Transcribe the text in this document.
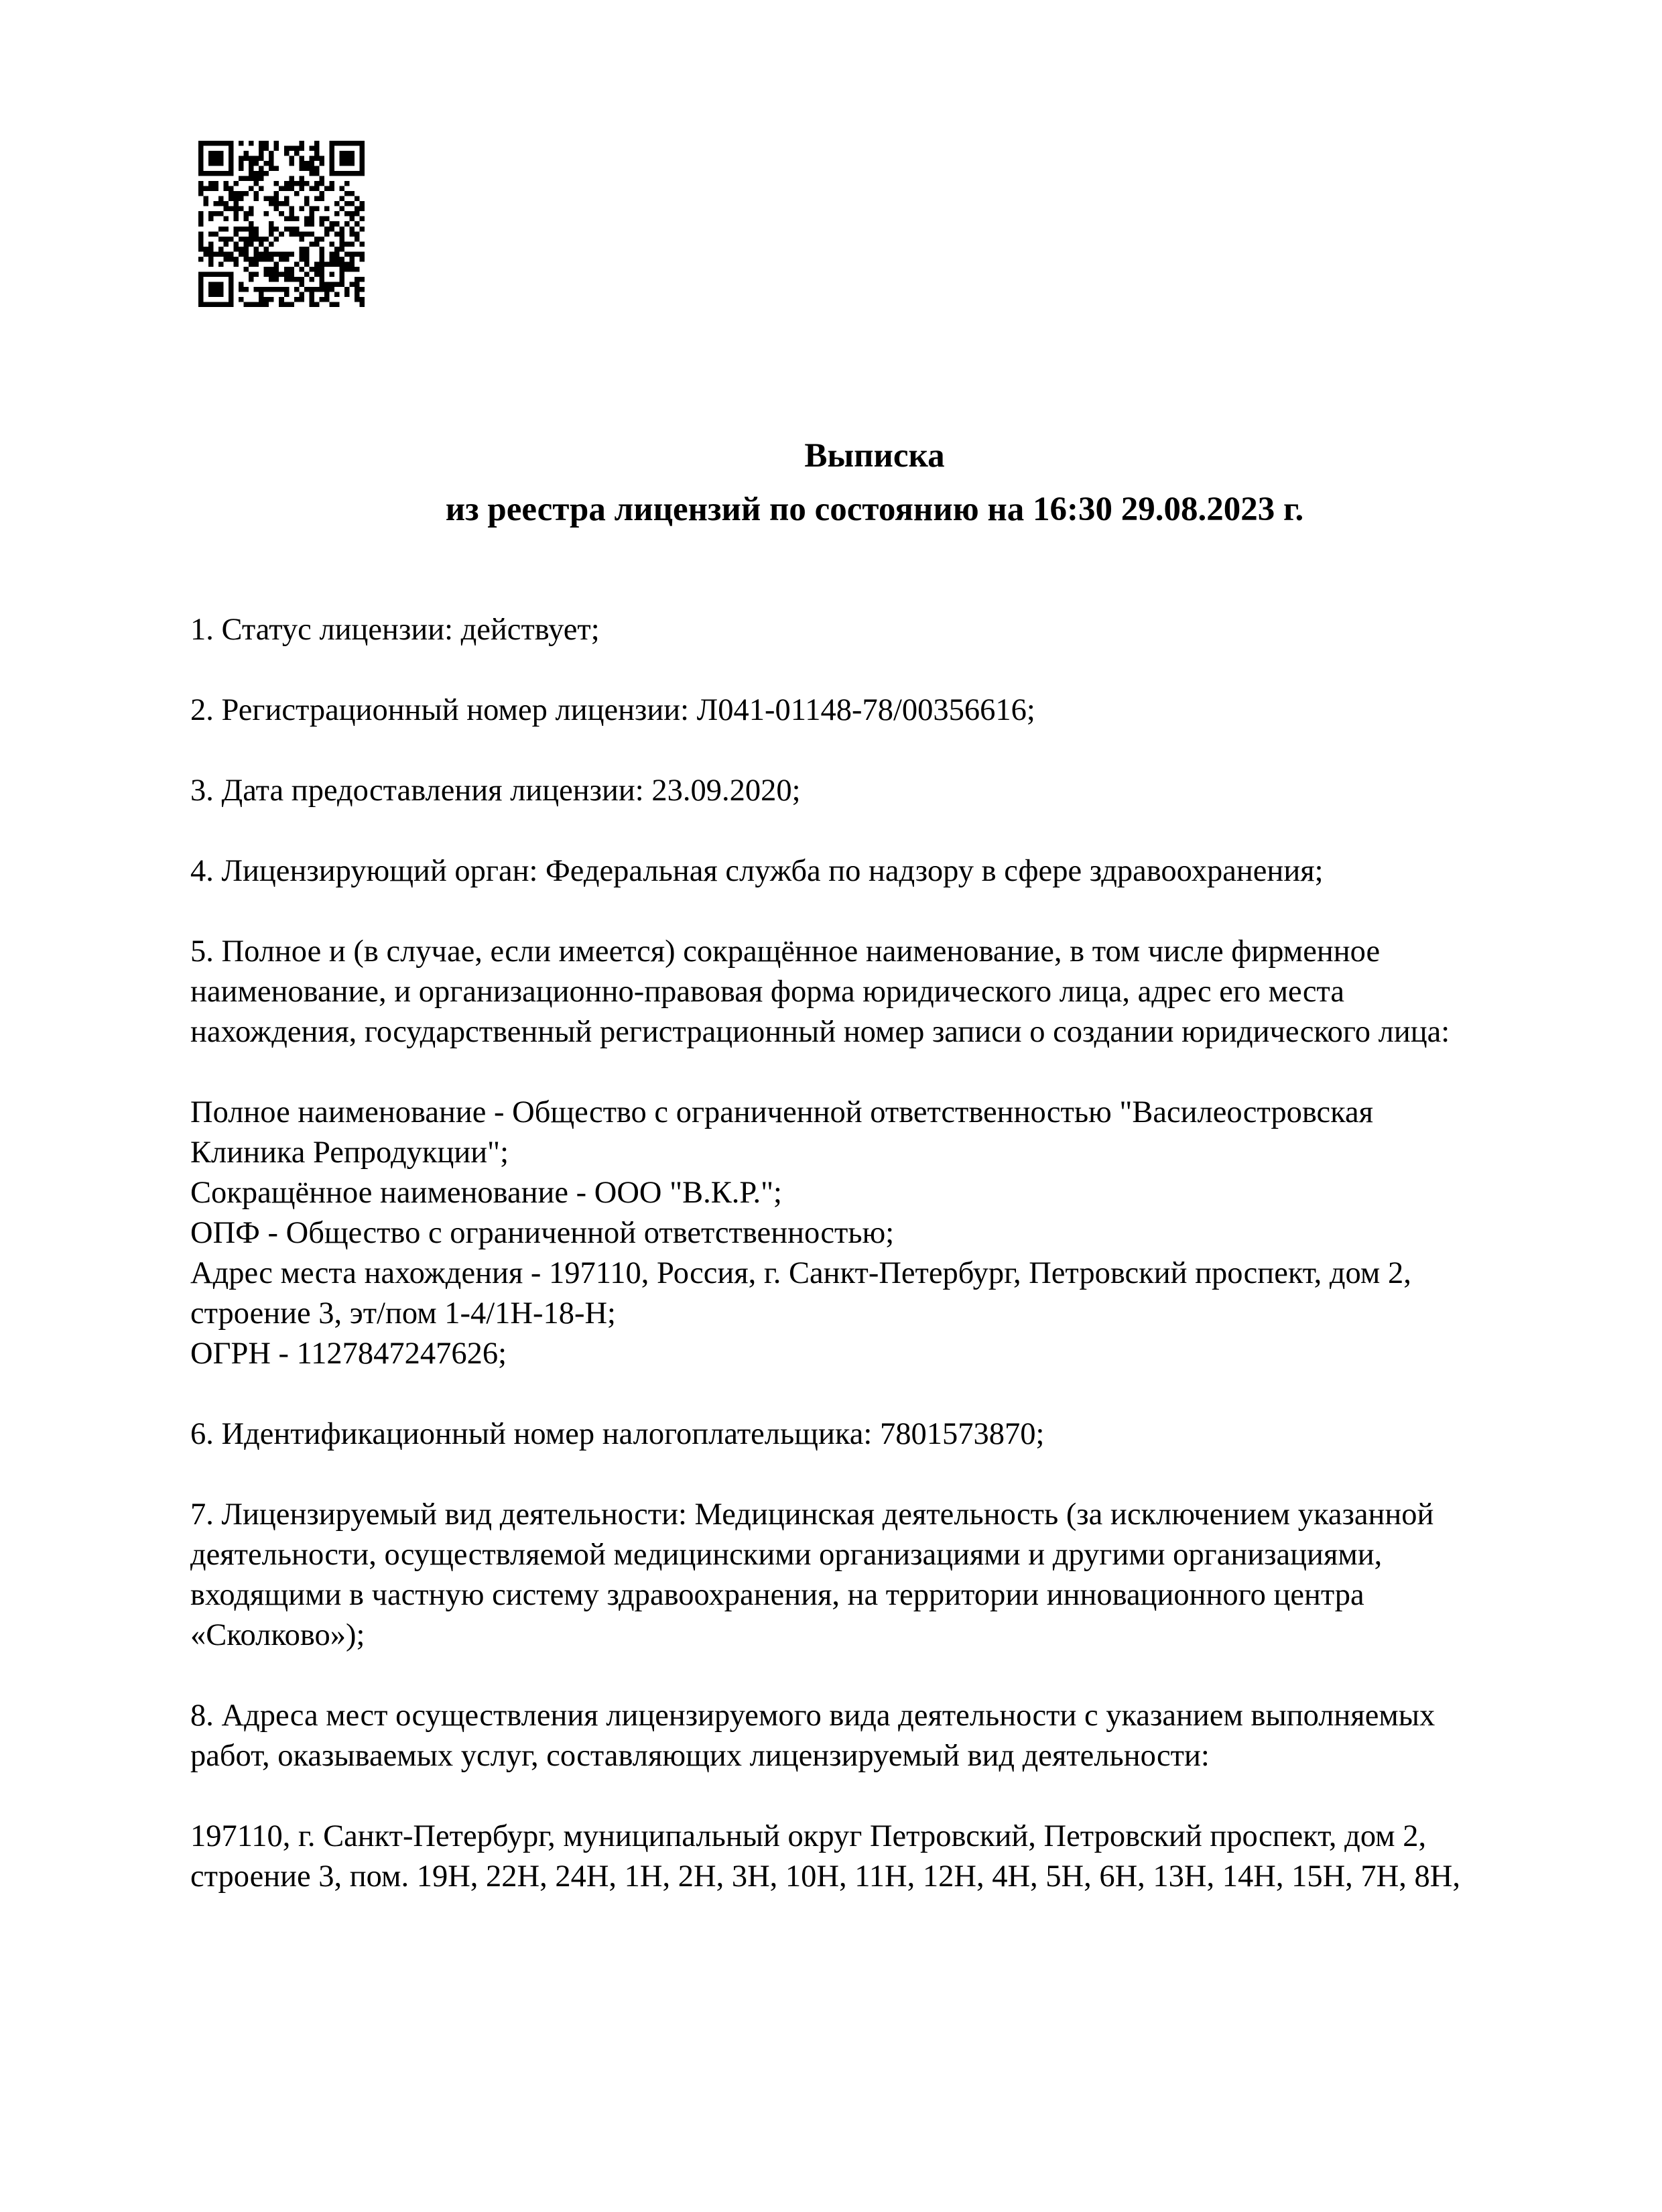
Выписка
из реестра лицензий по состоянию на 16:30 29.08.2023 г.

1. Статус лицензии: действует;

2. Регистрационный номер лицензии: Л041-01148-78/00356616;

3. Дата предоставления лицензии: 23.09.2020;

4. Лицензирующий орган: Федеральная служба по надзору в сфере здравоохранения;

5. Полное и (в случае, если имеется) сокращённое наименование, в том числе фирменное
наименование, и организационно-правовая форма юридического лица, адрес его места
нахождения, государственный регистрационный номер записи о создании юридического лица:

Полное наименование - Общество с ограниченной ответственностью "Василеостровская
Клиника Репродукции";
Сокращённое наименование - ООО "В.К.Р.";
ОПФ - Общество с ограниченной ответственностью;
Адрес места нахождения - 197110, Россия, г. Санкт-Петербург, Петровский проспект, дом 2,
строение 3, эт/пом 1-4/1Н-18-Н;
ОГРН - 1127847247626;

6. Идентификационный номер налогоплательщика: 7801573870;

7. Лицензируемый вид деятельности: Медицинская деятельность (за исключением указанной
деятельности, осуществляемой медицинскими организациями и другими организациями,
входящими в частную систему здравоохранения, на территории инновационного центра
«Сколково»);

8. Адреса мест осуществления лицензируемого вида деятельности с указанием выполняемых
работ, оказываемых услуг, составляющих лицензируемый вид деятельности:

197110, г. Санкт-Петербург, муниципальный округ Петровский, Петровский проспект, дом 2,
строение 3, пом. 19Н, 22Н, 24Н, 1Н, 2Н, 3Н, 10Н, 11Н, 12Н, 4Н, 5Н, 6Н, 13Н, 14Н, 15Н, 7Н, 8Н,
